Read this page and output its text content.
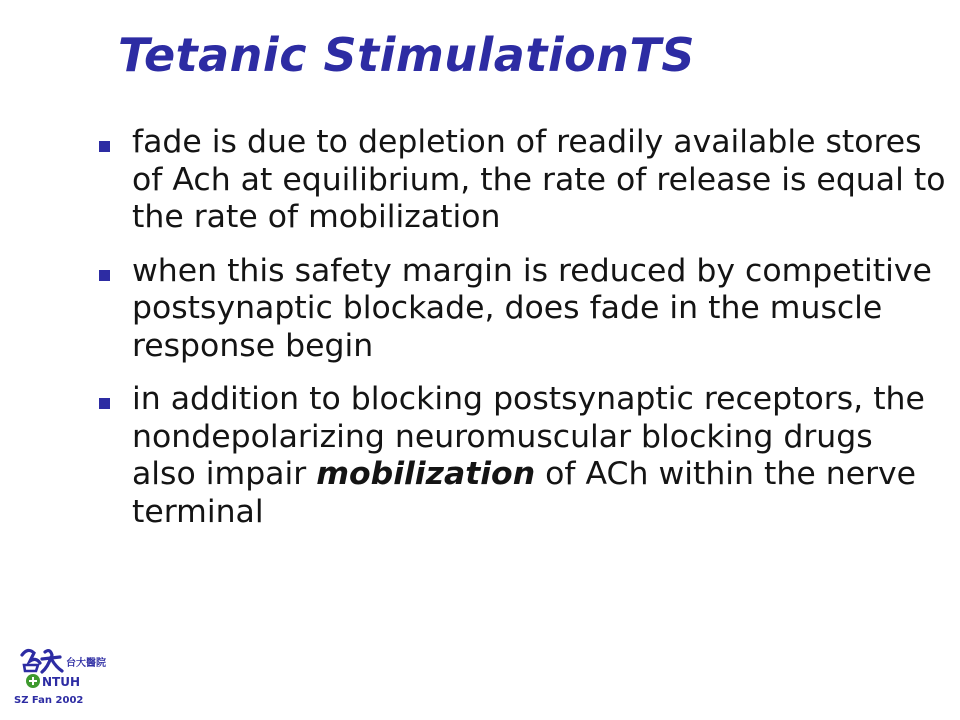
Tetanic StimulationTS
fade is due to depletion of readily available stores of Ach at equilibrium, the rate of release is equal to the rate of mobilization
when this safety margin is reduced by competitive postsynaptic blockade, does fade in the muscle response begin
in addition to blocking postsynaptic receptors, the nondepolarizing neuromuscular blocking drugs also impair mobilization of ACh within the nerve terminal
台大醫院
NTUH
SZ Fan 2002
